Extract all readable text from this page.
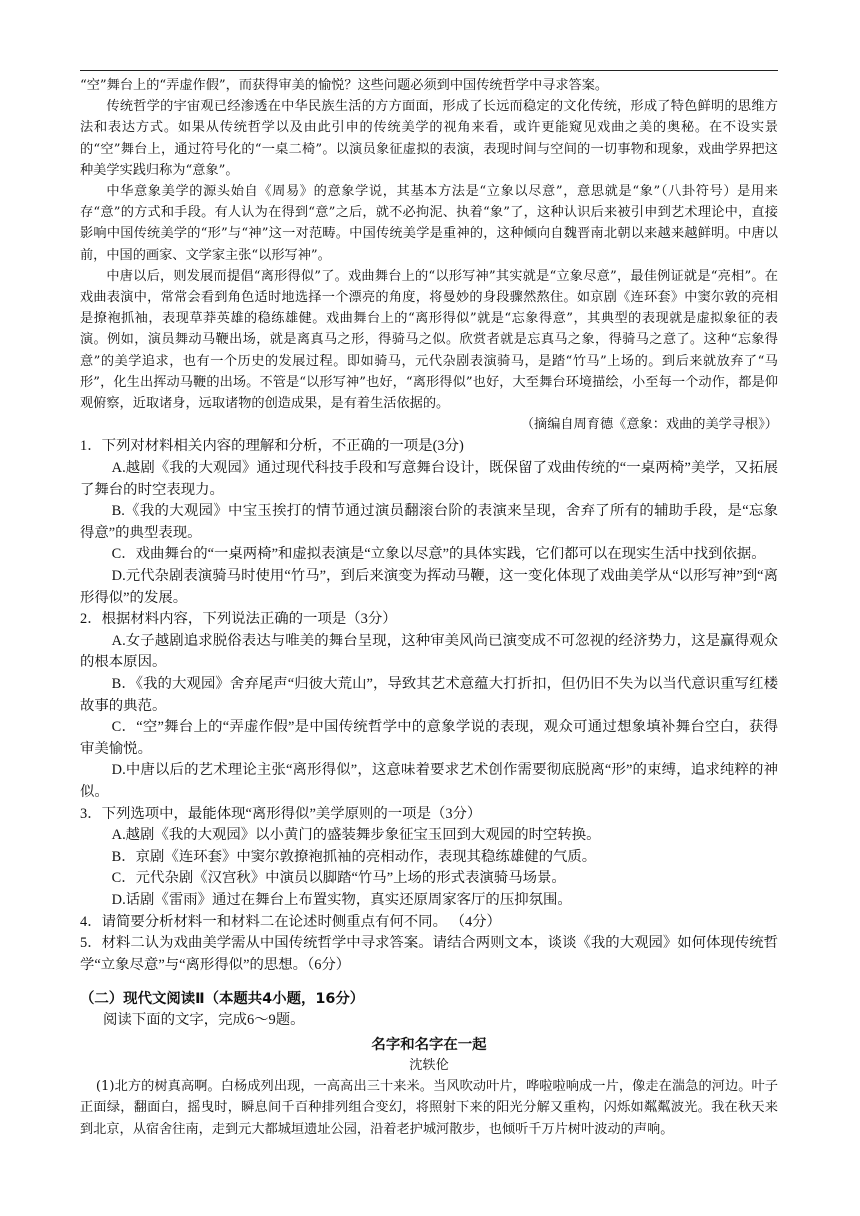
“空”舞台上的“弄虚作假”，而获得审美的愉悦？这些问题必须到中国传统哲学中寻求答案。

传统哲学的宇宙观已经渗透在中华民族生活的方方面面，形成了长远而稳定的文化传统，形成了特色鲜明的思维方法和表达方式。如果从传统哲学以及由此引申的传统美学的视角来看，或许更能窥见戏曲之美的奥秘。在不设实景的“空”舞台上，通过符号化的“一桌二椅”。以演员象征虚拟的表演，表现时间与空间的一切事物和现象，戏曲学界把这种美学实践归称为“意象”。

中华意象美学的源头始自《周易》的意象学说，其基本方法是“立象以尽意”，意思就是“象”（八卦符号）是用来存“意”的方式和手段。有人认为在得到“意”之后，就不必拘泥、执着“象”了，这种认识后来被引申到艺术理论中，直接影响中国传统美学的“形”与“神”这一对范畴。中国传统美学是重神的，这种倾向自魏晋南北朝以来越来越鲜明。中唐以前，中国的画家、文学家主张“以形写神”。

中唐以后，则发展而提倡“离形得似”了。戏曲舞台上的“以形写神”其实就是“立象尽意”，最佳例证就是“亮相”。在戏曲表演中，常常会看到角色适时地选择一个漂亮的角度，将曼妙的身段骤然熬住。如京剧《连环套》中窦尔敦的亮相是撩袍抓袖，表现草莽英雄的稳练雄健。戏曲舞台上的“离形得似”就是“忘象得意”，其典型的表现就是虚拟象征的表演。例如，演员舞动马鞭出场，就是离真马之形，得骑马之似。欣赏者就是忘真马之象，得骑马之意了。这种“忘象得意”的美学追求，也有一个历史的发展过程。即如骑马，元代杂剧表演骑马，是踏“竹马”上场的。到后来就放弃了“马形”，化生出挥动马鞭的出场。不管是“以形写神”也好，“离形得似”也好，大至舞台环境描绘，小至每一个动作，都是仰观俯察，近取诸身，远取诸物的创造成果，是有着生活依据的。

（摘编自周育德《意象：戏曲的美学寻根》）

1．下列对材料相关内容的理解和分析，不正确的一项是(3分)

A.越剧《我的大观园》通过现代科技手段和写意舞台设计，既保留了戏曲传统的“一桌两椅”美学，又拓展了舞台的时空表现力。

B.《我的大观园》中宝玉挨打的情节通过演员翻滚台阶的表演来呈现，舍弃了所有的辅助手段，是“忘象得意”的典型表现。

C．戏曲舞台的“一桌两椅”和虚拟表演是“立象以尽意”的具体实践，它们都可以在现实生活中找到依据。

D.元代杂剧表演骑马时使用“竹马”，到后来演变为挥动马鞭，这一变化体现了戏曲美学从“以形写神”到“离形得似”的发展。

2．根据材料内容，下列说法正确的一项是（3分）

A.女子越剧追求脱俗表达与唯美的舞台呈现，这种审美风尚已演变成不可忽视的经济势力，这是赢得观众的根本原因。

B．《我的大观园》舍弃尾声“归彼大荒山”，导致其艺术意蕴大打折扣，但仍旧不失为以当代意识重写红楼故事的典范。

C．“空”舞台上的“弄虚作假”是中国传统哲学中的意象学说的表现，观众可通过想象填补舞台空白，获得审美愉悦。

D.中唐以后的艺术理论主张“离形得似”，这意味着要求艺术创作需要彻底脱离“形”的束缚，追求纯粹的神似。

3．下列选项中，最能体现“离形得似”美学原则的一项是（3分）

A.越剧《我的大观园》以小黄门的盛装舞步象征宝玉回到大观园的时空转换。

B．京剧《连环套》中窦尔敦撩袍抓袖的亮相动作，表现其稳练雄健的气质。

C．元代杂剧《汉宫秋》中演员以脚踏“竹马”上场的形式表演骑马场景。

D.话剧《雷雨》通过在舞台上布置实物，真实还原周家客厅的压抑氛围。

4．请简要分析材料一和材料二在论述时侧重点有何不同。 （4分）

5．材料二认为戏曲美学需从中国传统哲学中寻求答案。请结合两则文本，谈谈《我的大观园》如何体现传统哲学“立象尽意”与“离形得似”的思想。（6分）

（二）现代文阅读Ⅱ（本题共4小题，16分）

阅读下面的文字，完成6～9题。

名字和名字在一起

沈轶伦

(1)北方的树真高啊。白杨成列出现，一高高出三十来米。当风吹动叶片，哗啦啦响成一片，像走在湍急的河边。叶子正面绿，翻面白，摇曳时，瞬息间千百种排列组合变幻，将照射下来的阳光分解又重构，闪烁如粼粼波光。我在秋天来到北京，从宿舍往南，走到元大都城垣遗址公园，沿着老护城河散步，也倾听千万片树叶波动的声响。
